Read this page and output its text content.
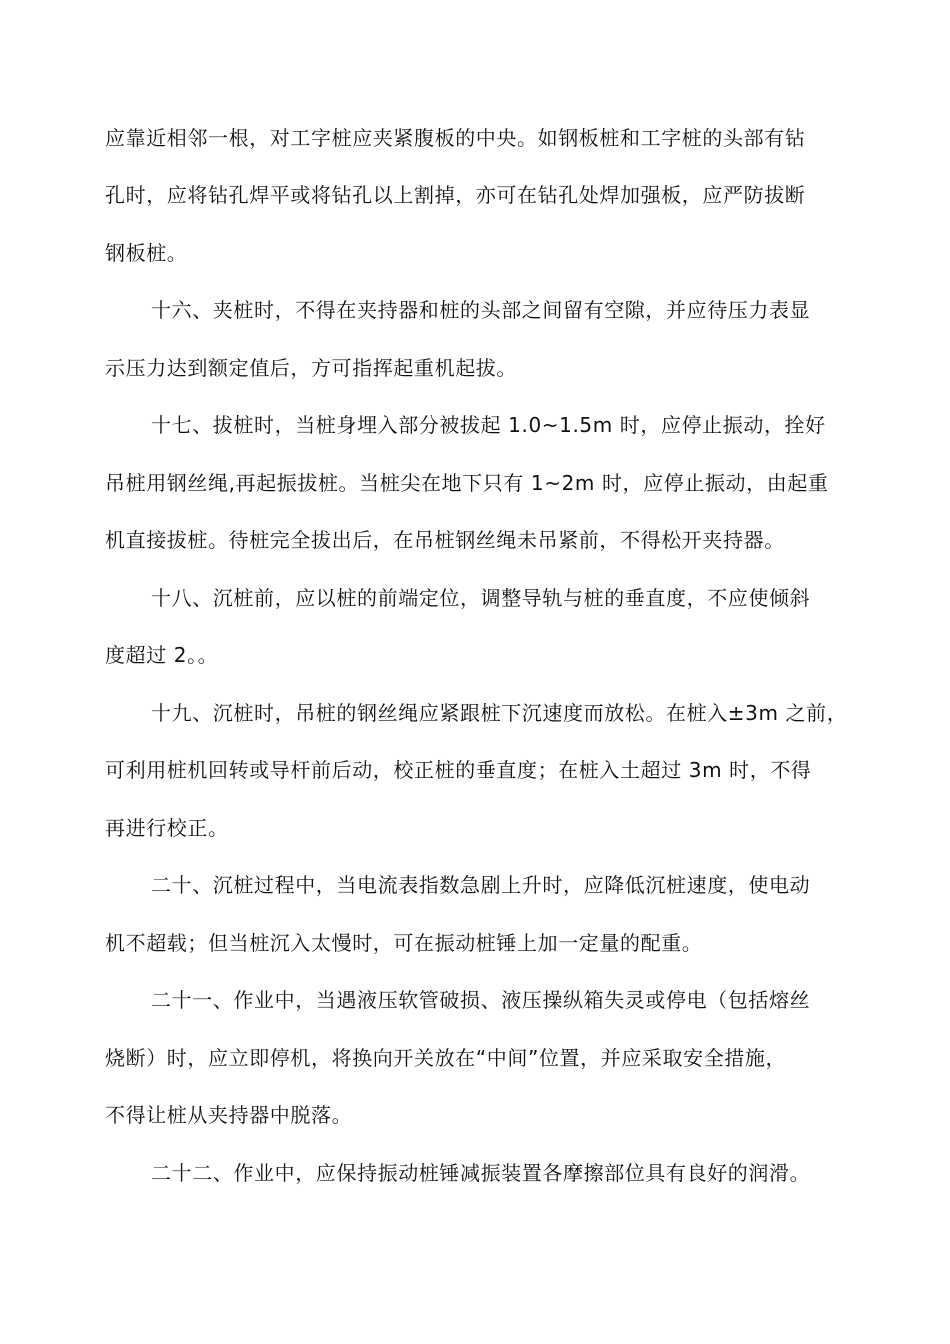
应靠近相邻一根，对工字桩应夹紧腹板的中央。如钢板桩和工字桩的头部有钻
孔时，应将钻孔焊平或将钻孔以上割掉，亦可在钻孔处焊加强板，应严防拔断
钢板桩。
十六、夹桩时，不得在夹持器和桩的头部之间留有空隙，并应待压力表显
示压力达到额定值后，方可指挥起重机起拔。
十七、拔桩时，当桩身埋入部分被拔起 1.0~1.5m 时，应停止振动，拴好
吊桩用钢丝绳,再起振拔桩。当桩尖在地下只有 1~2m 时，应停止振动，由起重
机直接拔桩。待桩完全拔出后，在吊桩钢丝绳未吊紧前，不得松开夹持器。
十八、沉桩前，应以桩的前端定位，调整导轨与桩的垂直度，不应使倾斜
度超过 2。。
十九、沉桩时，吊桩的钢丝绳应紧跟桩下沉速度而放松。在桩入±3m 之前，
可利用桩机回转或导杆前后动，校正桩的垂直度；在桩入土超过 3m 时，不得
再进行校正。
二十、沉桩过程中，当电流表指数急剧上升时，应降低沉桩速度，使电动
机不超载；但当桩沉入太慢时，可在振动桩锤上加一定量的配重。
二十一、作业中，当遇液压软管破损、液压操纵箱失灵或停电（包括熔丝
烧断）时，应立即停机，将换向开关放在“中间”位置，并应采取安全措施，
不得让桩从夹持器中脱落。
二十二、作业中，应保持振动桩锤减振装置各摩擦部位具有良好的润滑。
